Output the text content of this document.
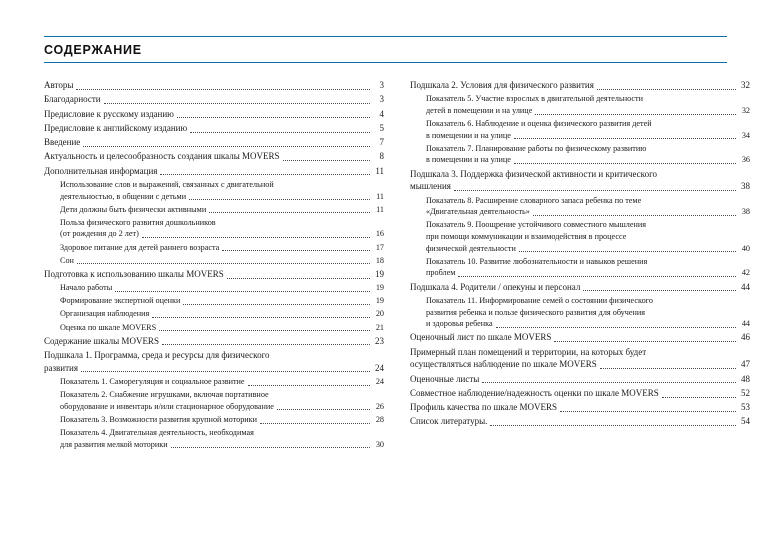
СОДЕРЖАНИЕ
Авторы	3
Благодарности	3
Предисловие к русскому изданию	4
Предисловие к английскому изданию	5
Введение	7
Актуальность и целесообразность создания шкалы MOVERS	8
Дополнительная информация	11
Использование слов и выражений, связанных с двигательной
деятельностью, в общении с детьми	11
Дети должны быть физически активными	11
Польза физического развития дошкольников
(от рождения до 2 лет)	16
Здоровое питание для детей раннего возраста	17
Сон	18
Подготовка к использованию шкалы MOVERS	19
Начало работы	19
Формирование экспертной оценки	19
Организация наблюдения	20
Оценка по шкале MOVERS	21
Содержание шкалы MOVERS	23
Подшкала 1. Программа, среда и ресурсы для физического
развития	24
Показатель 1. Саморегуляция и социальное развитие	24
Показатель 2. Снабжение игрушками, включая портативное
оборудование и инвентарь и/или стационарное оборудование	26
Показатель 3. Возможности развития крупной моторики	28
Показатель 4. Двигательная деятельность, необходимая
для развития мелкой моторики	30
Подшкала 2. Условия для физического развития	32
Показатель 5. Участие взрослых в двигательной деятельности
детей в помещении и на улице	32
Показатель 6. Наблюдение и оценка физического развития детей
в помещении и на улице	34
Показатель 7. Планирование работы по физическому развитию
в помещении и на улице	36
Подшкала 3. Поддержка физической активности и критического
мышления	38
Показатель 8. Расширение словарного запаса ребенка по теме
«Двигательная деятельность»	38
Показатель 9. Поощрение устойчивого совместного мышления
при помощи коммуникации и взаимодействия в процессе
физической деятельности	40
Показатель 10. Развитие любознательности и навыков решения
проблем	42
Подшкала 4. Родители / опекуны и персонал	44
Показатель 11. Информирование семей о состоянии физического
развития ребенка и пользе физического развития для обучения
и здоровья ребенка	44
Оценочный лист по шкале MOVERS	46
Примерный план помещений и территории, на которых будет
осуществляться наблюдение по шкале MOVERS	47
Оценочные листы	48
Совместное наблюдение/надежность оценки по шкале MOVERS	52
Профиль качества по шкале MOVERS	53
Список литературы.	54
